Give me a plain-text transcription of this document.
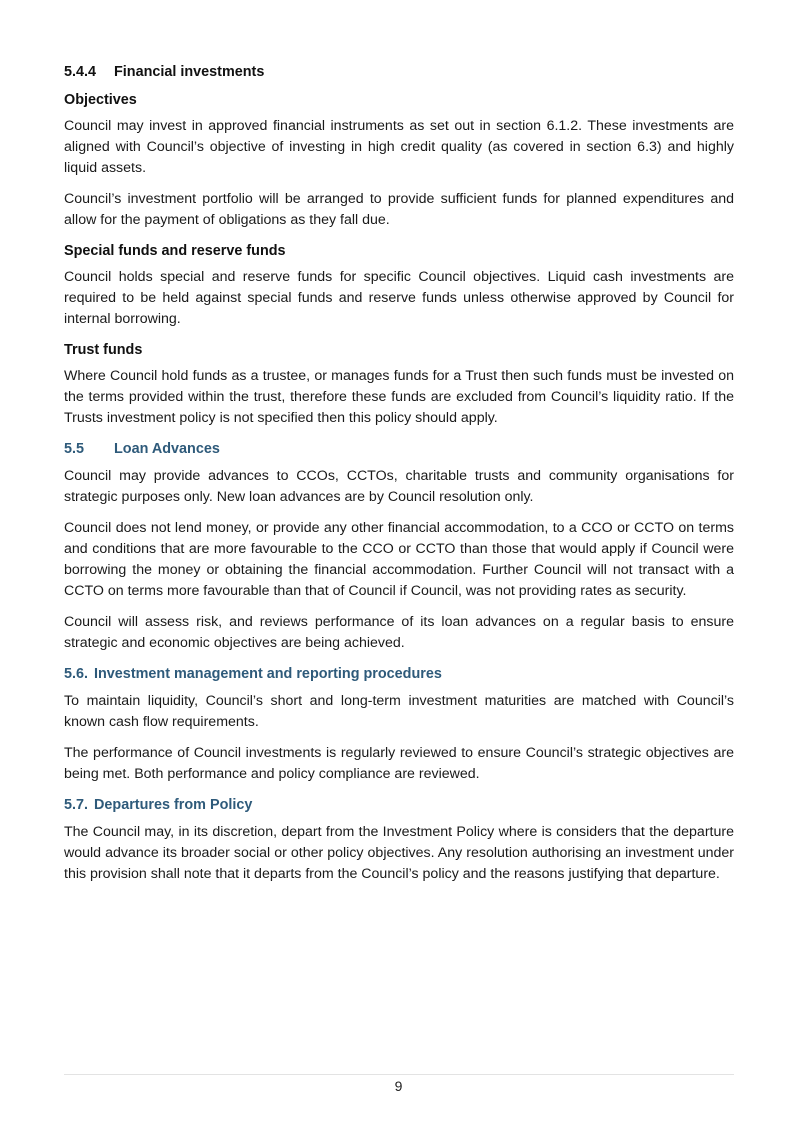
5.4.4 Financial investments
Objectives

Council may invest in approved financial instruments as set out in section 6.1.2. These investments are aligned with Council’s objective of investing in high credit quality (as covered in section 6.3) and highly liquid assets.

Council’s investment portfolio will be arranged to provide sufficient funds for planned expenditures and allow for the payment of obligations as they fall due.

Special funds and reserve funds

Council holds special and reserve funds for specific Council objectives. Liquid cash investments are required to be held against special funds and reserve funds unless otherwise approved by Council for internal borrowing.

Trust funds

Where Council hold funds as a trustee, or manages funds for a Trust then such funds must be invested on the terms provided within the trust, therefore these funds are excluded from Council’s liquidity ratio. If the Trusts investment policy is not specified then this policy should apply.

5.5 Loan Advances

Council may provide advances to CCOs, CCTOs, charitable trusts and community organisations for strategic purposes only. New loan advances are by Council resolution only.

Council does not lend money, or provide any other financial accommodation, to a CCO or CCTO on terms and conditions that are more favourable to the CCO or CCTO than those that would apply if Council were borrowing the money or obtaining the financial accommodation. Further Council will not transact with a CCTO on terms more favourable than that of Council if Council, was not providing rates as security.

Council will assess risk, and reviews performance of its loan advances on a regular basis to ensure strategic and economic objectives are being achieved.

5.6. Investment management and reporting procedures

To maintain liquidity, Council’s short and long-term investment maturities are matched with Council’s known cash flow requirements.

The performance of Council investments is regularly reviewed to ensure Council’s strategic objectives are being met. Both performance and policy compliance are reviewed.

5.7. Departures from Policy

The Council may, in its discretion, depart from the Investment Policy where is considers that the departure would advance its broader social or other policy objectives. Any resolution authorising an investment under this provision shall note that it departs from the Council’s policy and the reasons justifying that departure.

9
